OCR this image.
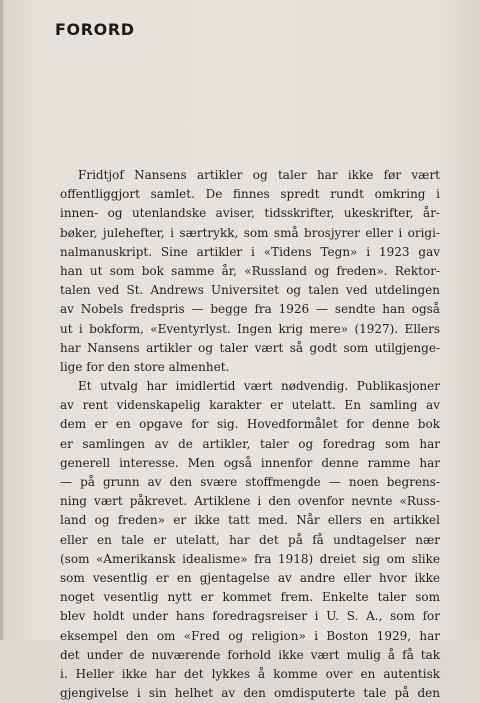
FORORD
Fridtjof Nansens artikler og taler har ikke før vært
offentliggjort samlet. De finnes spredt rundt omkring i
innen- og utenlandske aviser, tidsskrifter, ukeskrifter, år-
bøker, julehefter, i særtrykk, som små brosjyrer eller i origi-
nalmanuskript. Sine artikler i «Tidens Tegn» i 1923 gav
han ut som bok samme år, «Russland og freden». Rektor-
talen ved St. Andrews Universitet og talen ved utdelingen
av Nobels fredspris — begge fra 1926 — sendte han også
ut i bokform, «Eventyrlyst. Ingen krig mere» (1927). Ellers
har Nansens artikler og taler vært så godt som utilgjenge-
lige for den store almenhet.
Et utvalg har imidlertid vært nødvendig. Publikasjoner
av rent videnskapelig karakter er utelatt. En samling av
dem er en opgave for sig. Hovedformålet for denne bok
er samlingen av de artikler, taler og foredrag som har
generell interesse. Men også innenfor denne ramme har
— på grunn av den svære stoffmengde — noen begrens-
ning vært påkrevet. Artiklene i den ovenfor nevnte «Russ-
land og freden» er ikke tatt med. Når ellers en artikkel
eller en tale er utelatt, har det på få undtagelser nær
(som «Amerikansk idealisme» fra 1918) dreiet sig om slike
som vesentlig er en gjentagelse av andre eller hvor ikke
noget vesentlig nytt er kommet frem. Enkelte taler som
blev holdt under hans foredragsreiser i U. S. A., som for
eksempel den om «Fred og religion» i Boston 1929, har
det under de nuværende forhold ikke vært mulig å få tak
i. Heller ikke har det lykkes å komme over en autentisk
gjengivelse i sin helhet av den omdisputerte tale på den
